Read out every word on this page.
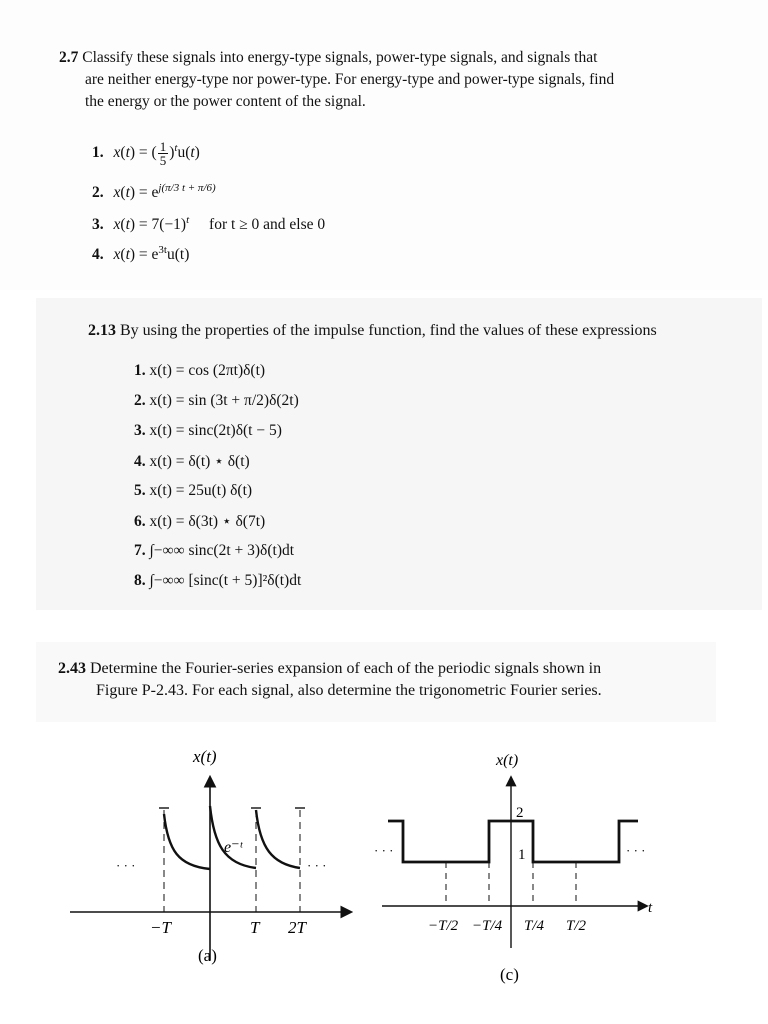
2.7 Classify these signals into energy-type signals, power-type signals, and signals that
are neither energy-type nor power-type. For energy-type and power-type signals, find
the energy or the power content of the signal.
1. x(t) = ( $\frac{1}{5} )^tu(t)$
2. $x(t) = e^{j(\pi/3 t + \pi/6)}$
3. $x(t) = 7(-1)^t$ for t ≥ 0 and else 0
4. $x(t) = e^{3t}u(t)$
2.13 By using the properties of the impulse function, find the values of these expressions
1. x(t) = cos (2πt)δ(t)
2. x(t) = sin (3t + π/2)δ(2t)
3. x(t) = sinc(2t)δ(t − 5)
4. x(t) = δ(t) ⋆ δ(t)
5. x(t) = 25u(t) δ(t)
6. x(t) = δ(3t) ⋆ δ(7t)
7. ∫−∞∞ sinc(2t + 3)δ(t)dt
8. ∫−∞∞ [sinc(t + 5)]²δ(t)dt
2.43 Determine the Fourier-series expansion of each of the periodic signals shown in
Figure P-2.43. For each signal, also determine the trigonometric Fourier series.
x(t)
e⁻ᵗ
· · ·	· · ·
−T	T 2T
(a)
x(t)
t
2
1
· · ·	· · ·
−T/2 −T/4 T/4 T/2
(c)
